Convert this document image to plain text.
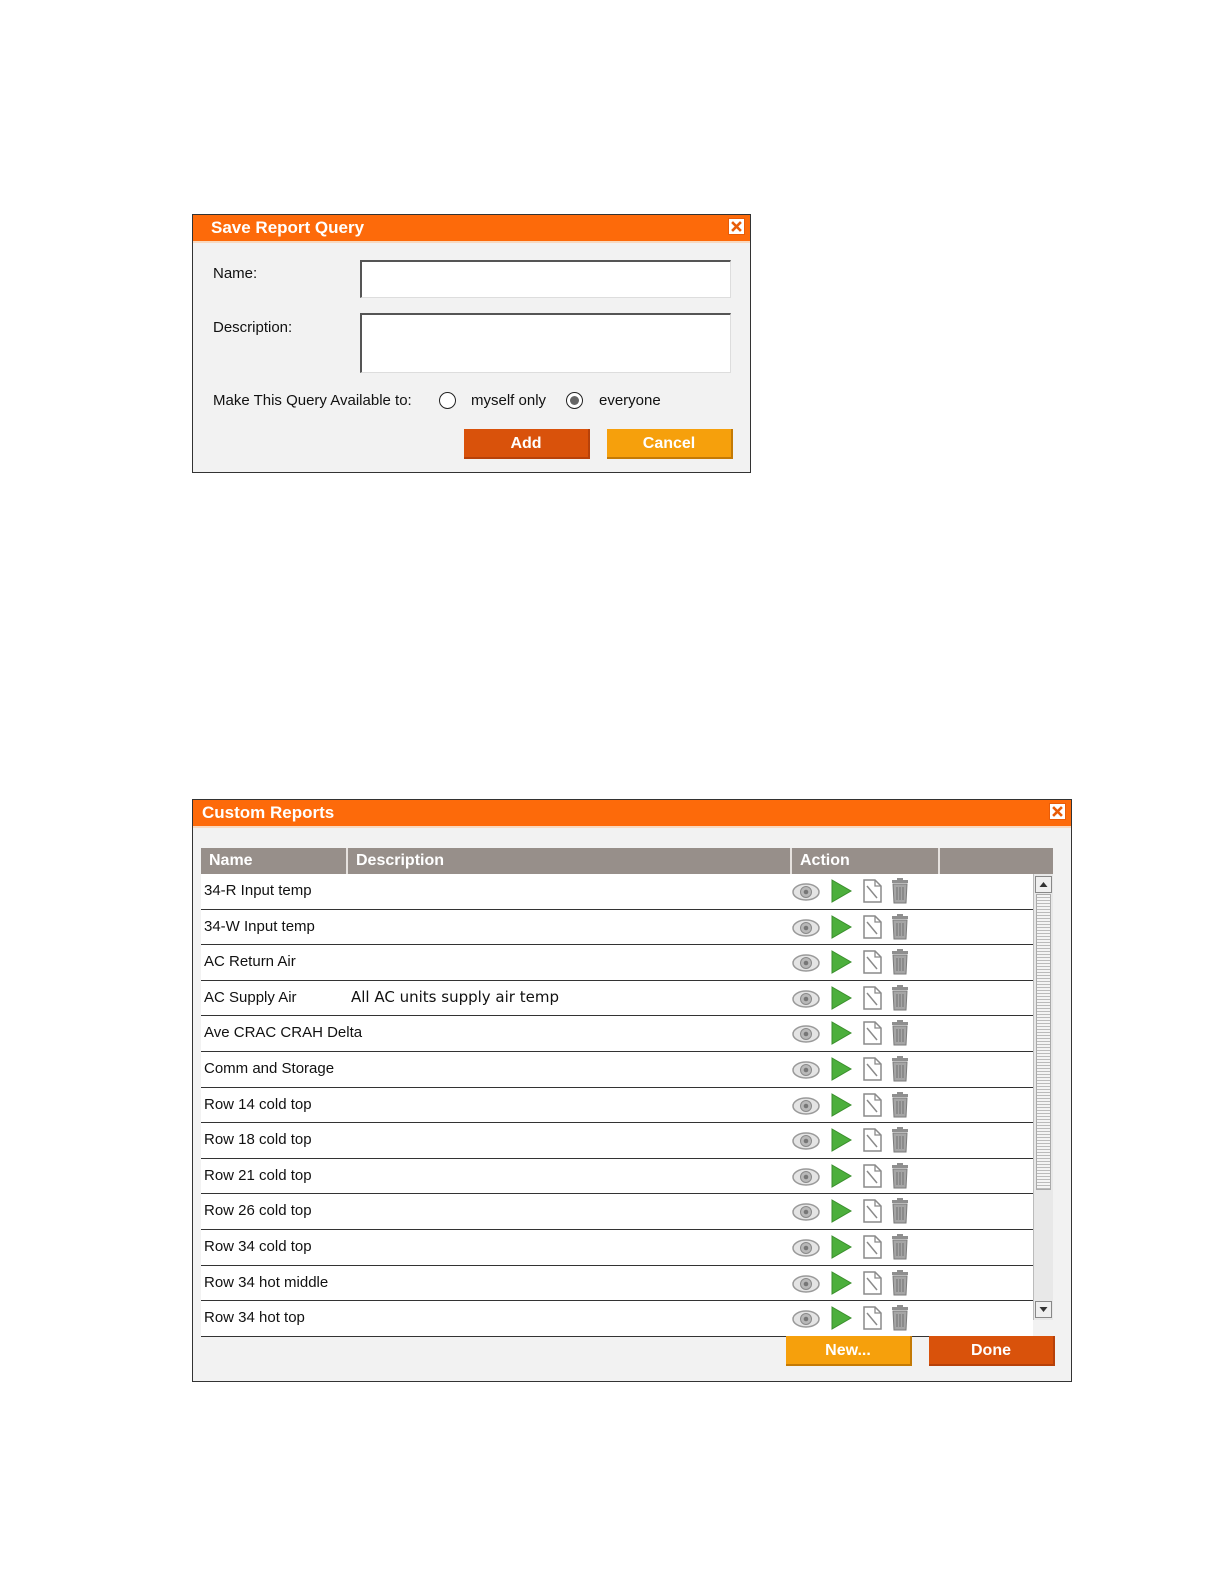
Save Report Query
Name:
Description:
Make This Query Available to:	myself only	everyone
Add	Cancel
Custom Reports
Name	Description	Action
34-R Input temp
34-W Input temp
AC Return Air
AC Supply Air	All AC units supply air temp
Ave CRAC CRAH Delta
Comm and Storage
Row 14 cold top
Row 18 cold top
Row 21 cold top
Row 26 cold top
Row 34 cold top
Row 34 hot middle
Row 34 hot top
New...	Done
